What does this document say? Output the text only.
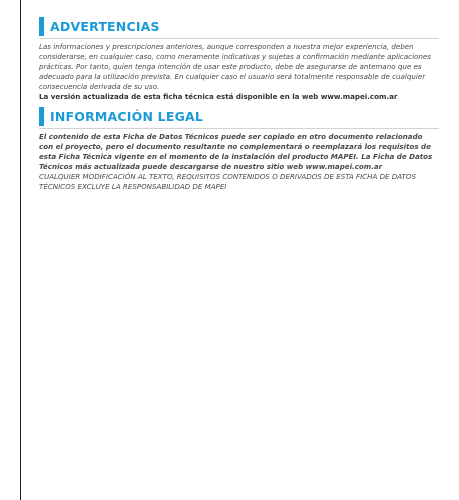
ADVERTENCIAS

Las informaciones y prescripciones anteriores, aunque corresponden a nuestra mejor experiencia, deben considerarse, en cualquier caso, como meramente indicativas y sujetas a confirmación mediante aplicaciones prácticas. Por tanto, quien tenga intención de usar este producto, debe de asegurarse de antemano que es adecuado para la utilización prevista. En cualquier caso el usuario será totalmente responsable de cualquier consecuencia derivada de su uso.

La versión actualizada de esta ficha técnica está disponible en la web www.mapei.com.ar

INFORMACIÓN LEGAL

El contenido de esta Ficha de Datos Técnicos puede ser copiado en otro documento relacionado con el proyecto, pero el documento resultante no complementará o reemplazará los requisitos de esta Ficha Técnica vigente en el momento de la instalación del producto MAPEI. La Ficha de Datos Técnicos más actualizada puede descargarse de nuestro sitio web www.mapei.com.ar

CUALQUIER MODIFICACIÓN AL TEXTO, REQUISITOS CONTENIDOS O DERIVADOS DE ESTA FICHA DE DATOS TÉCNICOS EXCLUYE LA RESPONSABILIDAD DE MAPEI
